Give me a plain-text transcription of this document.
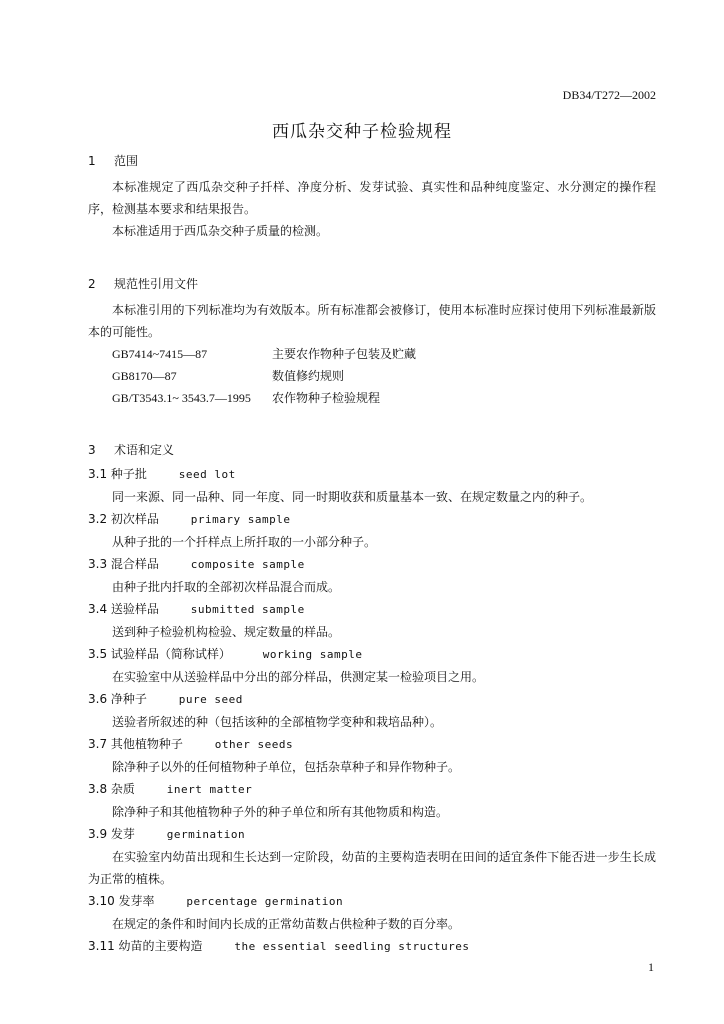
DB34/T272—2002
西瓜杂交种子检验规程
1 范围
本标准规定了西瓜杂交种子扦样、净度分析、发芽试验、真实性和品种纯度鉴定、水分测定的操作程序，检测基本要求和结果报告。
本标准适用于西瓜杂交种子质量的检测。
2 规范性引用文件
本标准引用的下列标准均为有效版本。所有标准都会被修订，使用本标准时应探讨使用下列标准最新版本的可能性。
GB7414~7415—87	主要农作物种子包装及贮藏
GB8170—87	数值修约规则
GB/T3543.1~ 3543.7—1995 农作物种子检验规程
3 术语和定义
3.1 种子批	seed lot
同一来源、同一品种、同一年度、同一时期收获和质量基本一致、在规定数量之内的种子。
3.2 初次样品	primary sample
从种子批的一个扦样点上所扦取的一小部分种子。
3.3 混合样品	composite sample
由种子批内扦取的全部初次样品混合而成。
3.4 送验样品	submitted sample
送到种子检验机构检验、规定数量的样品。
3.5 试验样品（简称试样）	working sample
在实验室中从送验样品中分出的部分样品，供测定某一检验项目之用。
3.6 净种子	pure seed
送验者所叙述的种（包括该种的全部植物学变种和栽培品种）。
3.7 其他植物种子	other seeds
除净种子以外的任何植物种子单位，包括杂草种子和异作物种子。
3.8 杂质	inert matter
除净种子和其他植物种子外的种子单位和所有其他物质和构造。
3.9 发芽	germination
在实验室内幼苗出现和生长达到一定阶段，幼苗的主要构造表明在田间的适宜条件下能否进一步生长成为正常的植株。
3.10 发芽率	percentage germination
在规定的条件和时间内长成的正常幼苗数占供检种子数的百分率。
3.11 幼苗的主要构造	the essential seedling structures
1
